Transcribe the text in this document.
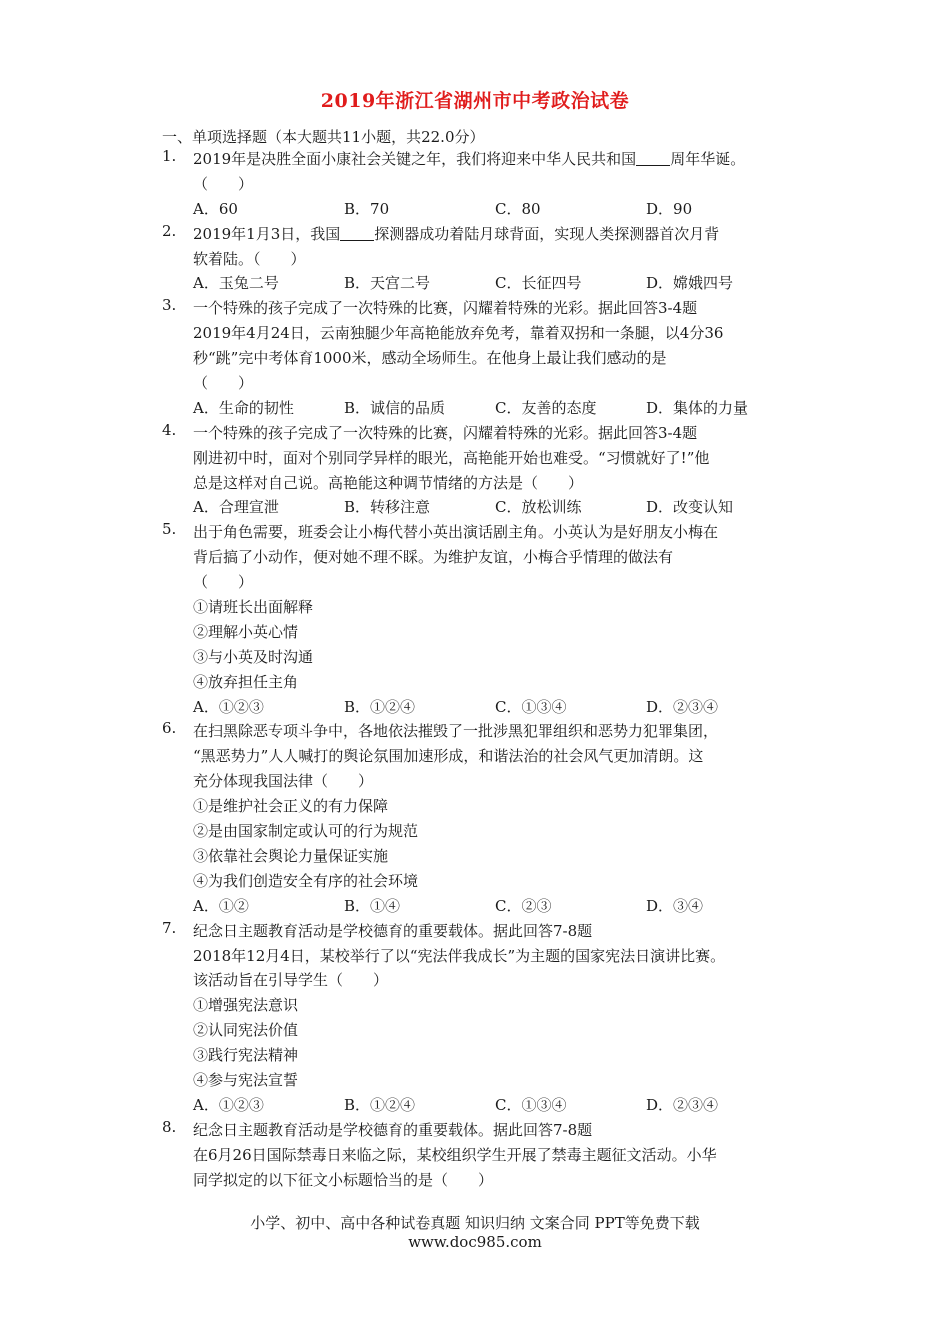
2019年浙江省湖州市中考政治试卷
一、单项选择题（本大题共11小题，共22.0分）
1. 2019年是决胜全面小康社会关键之年，我们将迎来中华人民共和国 周年华诞。
（　　）
A．60	B．70	C．80	D．90
2. 2019年1月3日，我国 探测器成功着陆月球背面，实现人类探测器首次月背
软着陆。（　　）
A．玉兔二号	B．天宫二号	C．长征四号	D．嫦娥四号
3. 一个特殊的孩子完成了一次特殊的比赛，闪耀着特殊的光彩。据此回答3-4题
2019年4月24日，云南独腿少年高艳能放弃免考，靠着双拐和一条腿，以4分36
秒“跳”完中考体育1000米，感动全场师生。在他身上最让我们感动的是
（　　）
A．生命的韧性	B．诚信的品质	C．友善的态度	D．集体的力量
4. 一个特殊的孩子完成了一次特殊的比赛，闪耀着特殊的光彩。据此回答3-4题
刚进初中时，面对个别同学异样的眼光，高艳能开始也难受。“习惯就好了!”他
总是这样对自己说。高艳能这种调节情绪的方法是（　　）
A．合理宣泄	B．转移注意	C．放松训练	D．改变认知
5. 出于角色需要，班委会让小梅代替小英出演话剧主角。小英认为是好朋友小梅在
背后搞了小动作，便对她不理不睬。为维护友谊，小梅合乎情理的做法有
（　　）
①请班长出面解释
②理解小英心情
③与小英及时沟通
④放弃担任主角
A．①②③	B．①②④	C．①③④	D．②③④
6. 在扫黑除恶专项斗争中，各地依法摧毁了一批涉黑犯罪组织和恶势力犯罪集团，
“黑恶势力”人人喊打的舆论氛围加速形成，和谐法治的社会风气更加清朗。这
充分体现我国法律（　　）
①是维护社会正义的有力保障
②是由国家制定或认可的行为规范
③依靠社会舆论力量保证实施
④为我们创造安全有序的社会环境
A．①②	B．①④	C．②③	D．③④
7. 纪念日主题教育活动是学校德育的重要载体。据此回答7-8题
2018年12月4日，某校举行了以“宪法伴我成长”为主题的国家宪法日演讲比赛。
该活动旨在引导学生（　　）
①增强宪法意识
②认同宪法价值
③践行宪法精神
④参与宪法宣誓
A．①②③	B．①②④	C．①③④	D．②③④
8. 纪念日主题教育活动是学校德育的重要载体。据此回答7-8题
在6月26日国际禁毒日来临之际，某校组织学生开展了禁毒主题征文活动。小华
同学拟定的以下征文小标题恰当的是（　　）
小学、初中、高中各种试卷真题 知识归纳 文案合同 PPT等免费下载
www.doc985.com
